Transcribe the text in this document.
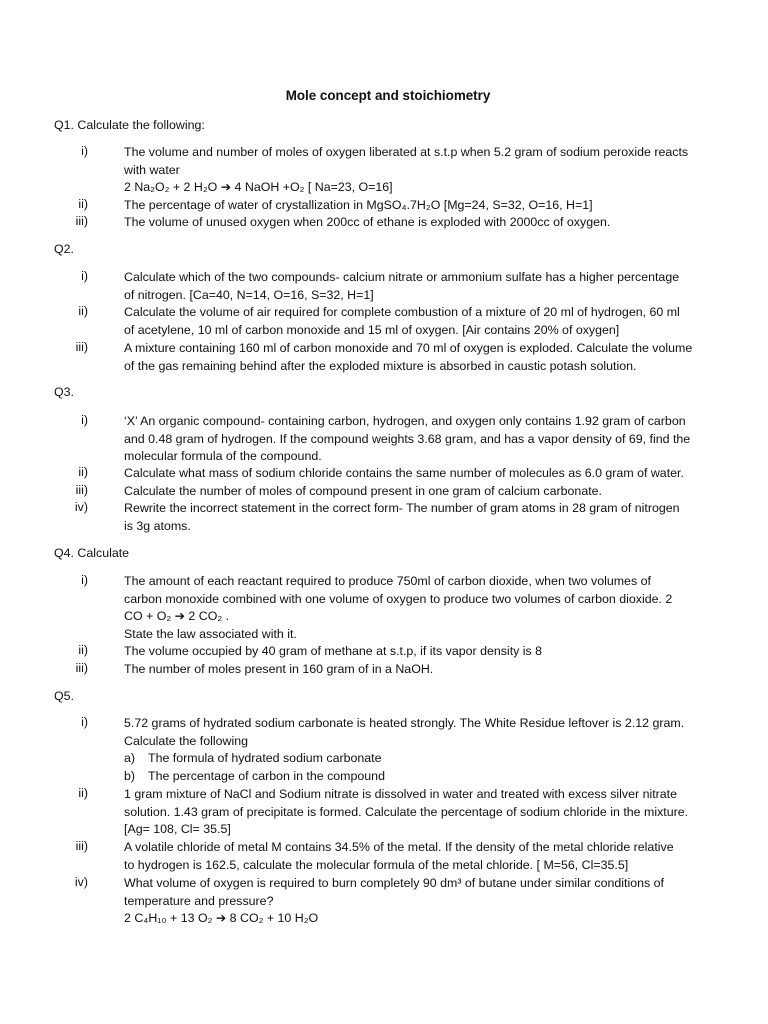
Mole concept and stoichiometry
Q1. Calculate the following:
i)	The volume and number of moles of oxygen liberated at s.t.p when 5.2 gram of sodium peroxide reacts
with water
2 Na₂O₂ + 2 H₂O ➔ 4 NaOH +O₂ [ Na=23, O=16]
ii)	The percentage of water of crystallization in MgSO₄.7H₂O [Mg=24, S=32, O=16, H=1]
iii)	The volume of unused oxygen when 200cc of ethane is exploded with 2000cc of oxygen.
Q2.
i)	Calculate which of the two compounds- calcium nitrate or ammonium sulfate has a higher percentage
of nitrogen. [Ca=40, N=14, O=16, S=32, H=1]
ii)	Calculate the volume of air required for complete combustion of a mixture of 20 ml of hydrogen, 60 ml
of acetylene, 10 ml of carbon monoxide and 15 ml of oxygen. [Air contains 20% of oxygen]
iii)	A mixture containing 160 ml of carbon monoxide and 70 ml of oxygen is exploded. Calculate the volume
of the gas remaining behind after the exploded mixture is absorbed in caustic potash solution.
Q3.
i)	‘X’ An organic compound- containing carbon, hydrogen, and oxygen only contains 1.92 gram of carbon
and 0.48 gram of hydrogen. If the compound weights 3.68 gram, and has a vapor density of 69, find the
molecular formula of the compound.
ii)	Calculate what mass of sodium chloride contains the same number of molecules as 6.0 gram of water.
iii)	Calculate the number of moles of compound present in one gram of calcium carbonate.
iv)	Rewrite the incorrect statement in the correct form- The number of gram atoms in 28 gram of nitrogen
is 3g atoms.
Q4. Calculate
i)	The amount of each reactant required to produce 750ml of carbon dioxide, when two volumes of
carbon monoxide combined with one volume of oxygen to produce two volumes of carbon dioxide. 2
CO + O₂ ➔ 2 CO₂ .
State the law associated with it.
ii)	The volume occupied by 40 gram of methane at s.t.p, if its vapor density is 8
iii)	The number of moles present in 160 gram of in a NaOH.
Q5.
i)	5.72 grams of hydrated sodium carbonate is heated strongly. The White Residue leftover is 2.12 gram.
Calculate the following
a) The formula of hydrated sodium carbonate
b) The percentage of carbon in the compound
ii)	1 gram mixture of NaCl and Sodium nitrate is dissolved in water and treated with excess silver nitrate
solution. 1.43 gram of precipitate is formed. Calculate the percentage of sodium chloride in the mixture.
[Ag= 108, Cl= 35.5]
iii)	A volatile chloride of metal M contains 34.5% of the metal. If the density of the metal chloride relative
to hydrogen is 162.5, calculate the molecular formula of the metal chloride. [ M=56, Cl=35.5]
iv)	What volume of oxygen is required to burn completely 90 dm³ of butane under similar conditions of
temperature and pressure?
2 C₄H₁₀ + 13 O₂ ➔ 8 CO₂ + 10 H₂O
